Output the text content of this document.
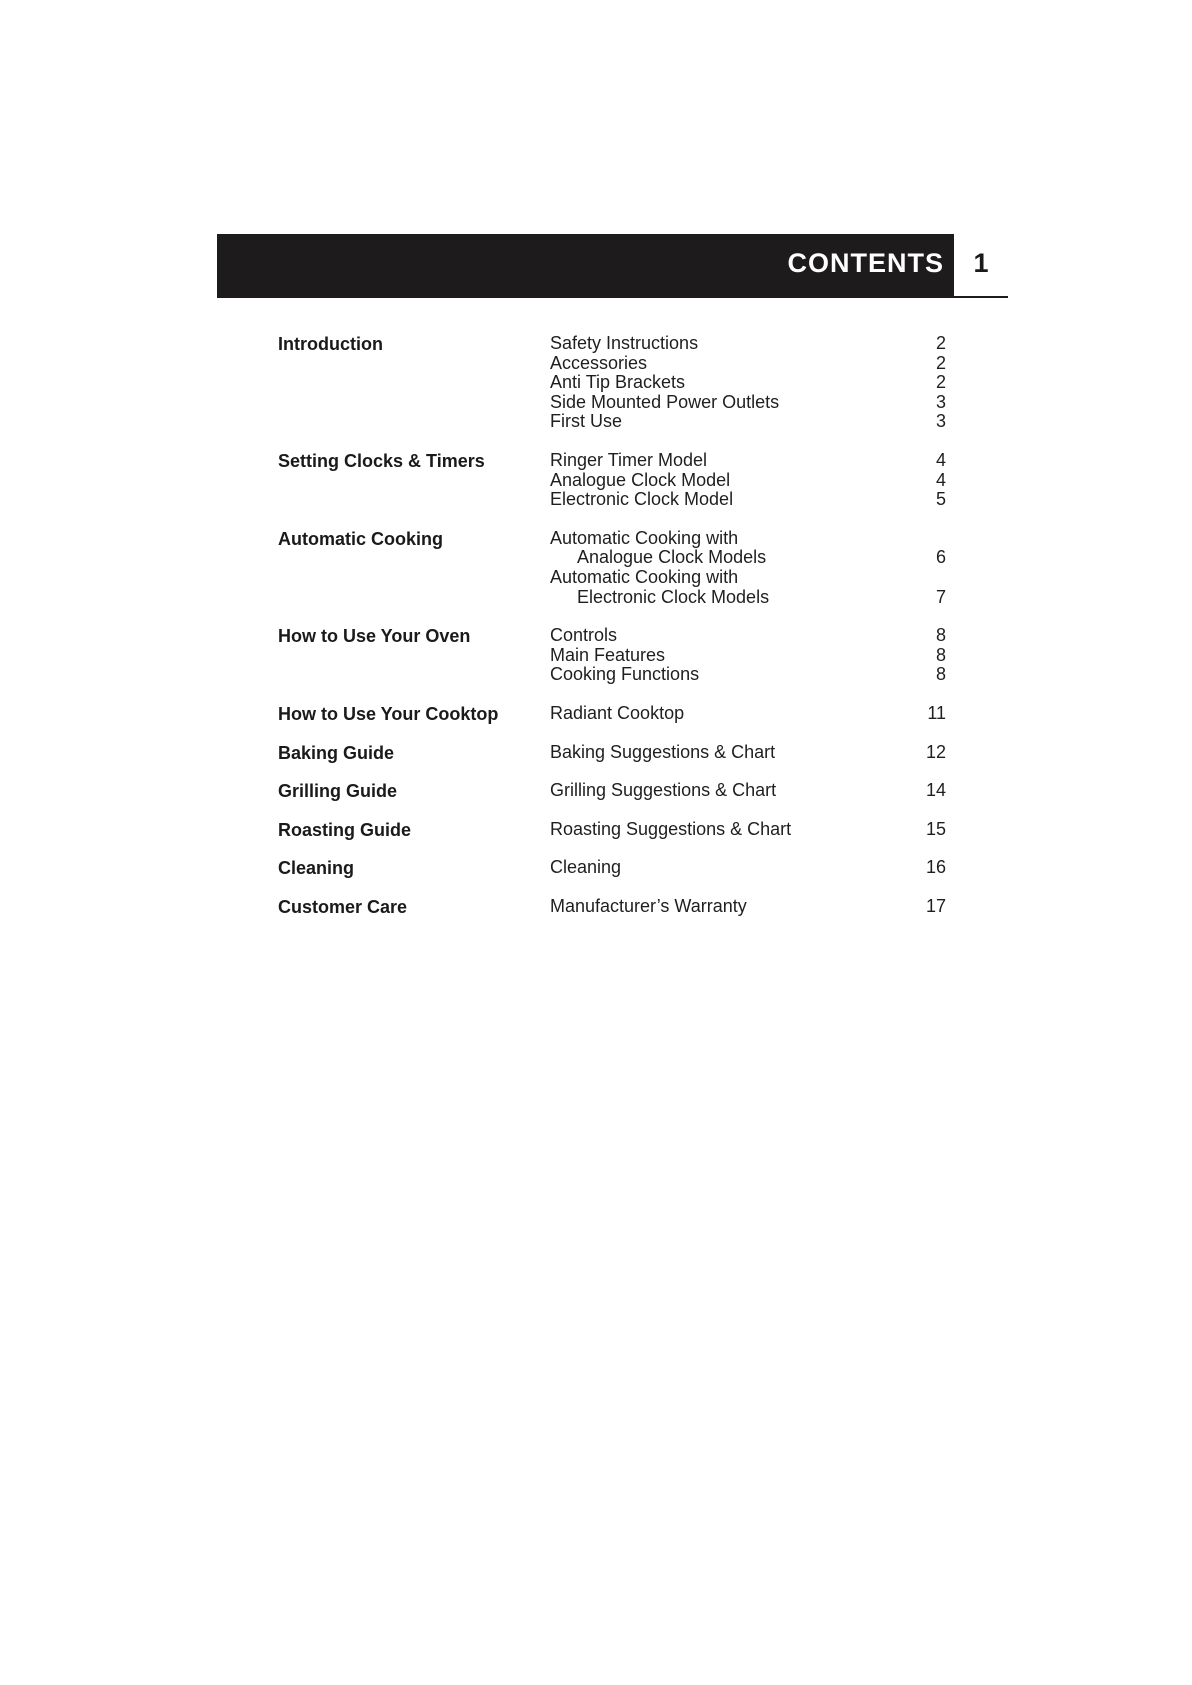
CONTENTS	1
Introduction	Safety Instructions	2
Accessories	2
Anti Tip Brackets	2
Side Mounted Power Outlets	3
First Use	3
Setting Clocks & Timers	Ringer Timer Model	4
Analogue Clock Model	4
Electronic Clock Model	5
Automatic Cooking	Automatic Cooking with
Analogue Clock Models	6
Automatic Cooking with
Electronic Clock Models	7
How to Use Your Oven	Controls	8
Main Features	8
Cooking Functions	8
How to Use Your Cooktop	Radiant Cooktop	11
Baking Guide	Baking Suggestions & Chart	12
Grilling Guide	Grilling Suggestions & Chart	14
Roasting Guide	Roasting Suggestions & Chart	15
Cleaning	Cleaning	16
Customer Care	Manufacturer’s Warranty	17
